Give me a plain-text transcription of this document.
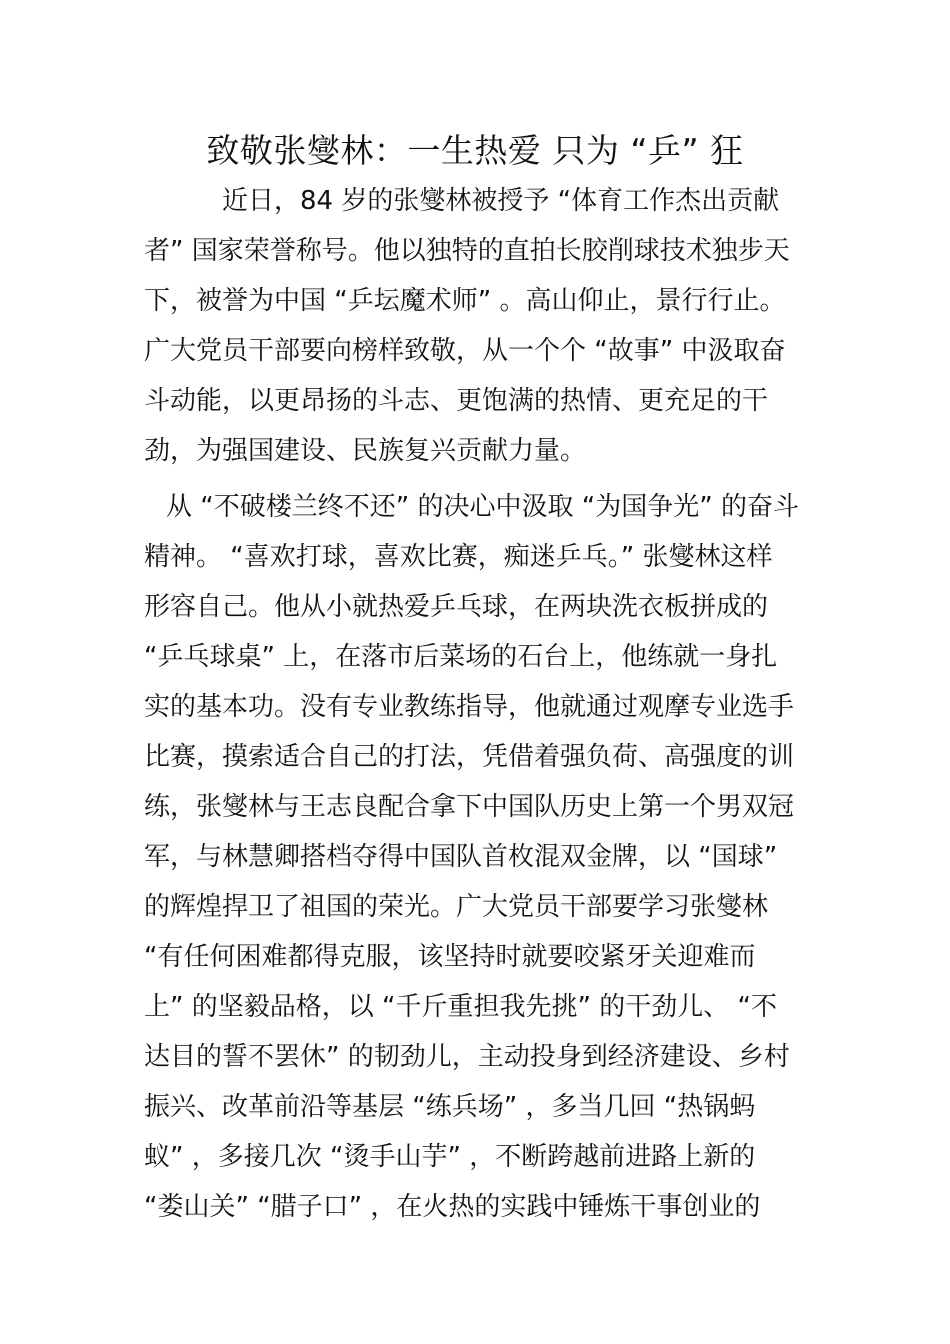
致敬张燮林：一生热爱 只为 “乒” 狂
近日，84 岁的张燮林被授予 “体育工作杰出贡献
者” 国家荣誉称号。他以独特的直拍长胶削球技术独步天
下，被誉为中国 “乒坛魔术师” 。高山仰止，景行行止。
广大党员干部要向榜样致敬，从一个个 “故事” 中汲取奋
斗动能，以更昂扬的斗志、更饱满的热情、更充足的干
劲，为强国建设、民族复兴贡献力量。
从 “不破楼兰终不还” 的决心中汲取 “为国争光” 的奋斗
精神。 “喜欢打球，喜欢比赛，痴迷乒乓。” 张燮林这样
形容自己。他从小就热爱乒乓球，在两块洗衣板拼成的
“乒乓球桌” 上，在落市后菜场的石台上，他练就一身扎
实的基本功。没有专业教练指导，他就通过观摩专业选手
比赛，摸索适合自己的打法，凭借着强负荷、高强度的训
练，张燮林与王志良配合拿下中国队历史上第一个男双冠
军，与林慧卿搭档夺得中国队首枚混双金牌，以 “国球”
的辉煌捍卫了祖国的荣光。广大党员干部要学习张燮林
“有任何困难都得克服，该坚持时就要咬紧牙关迎难而
上” 的坚毅品格，以 “千斤重担我先挑” 的干劲儿、 “不
达目的誓不罢休” 的韧劲儿，主动投身到经济建设、乡村
振兴、改革前沿等基层 “练兵场” ，多当几回 “热锅蚂
蚁” ，多接几次 “烫手山芋” ，不断跨越前进路上新的
“娄山关” “腊子口” ，在火热的实践中锤炼干事创业的
